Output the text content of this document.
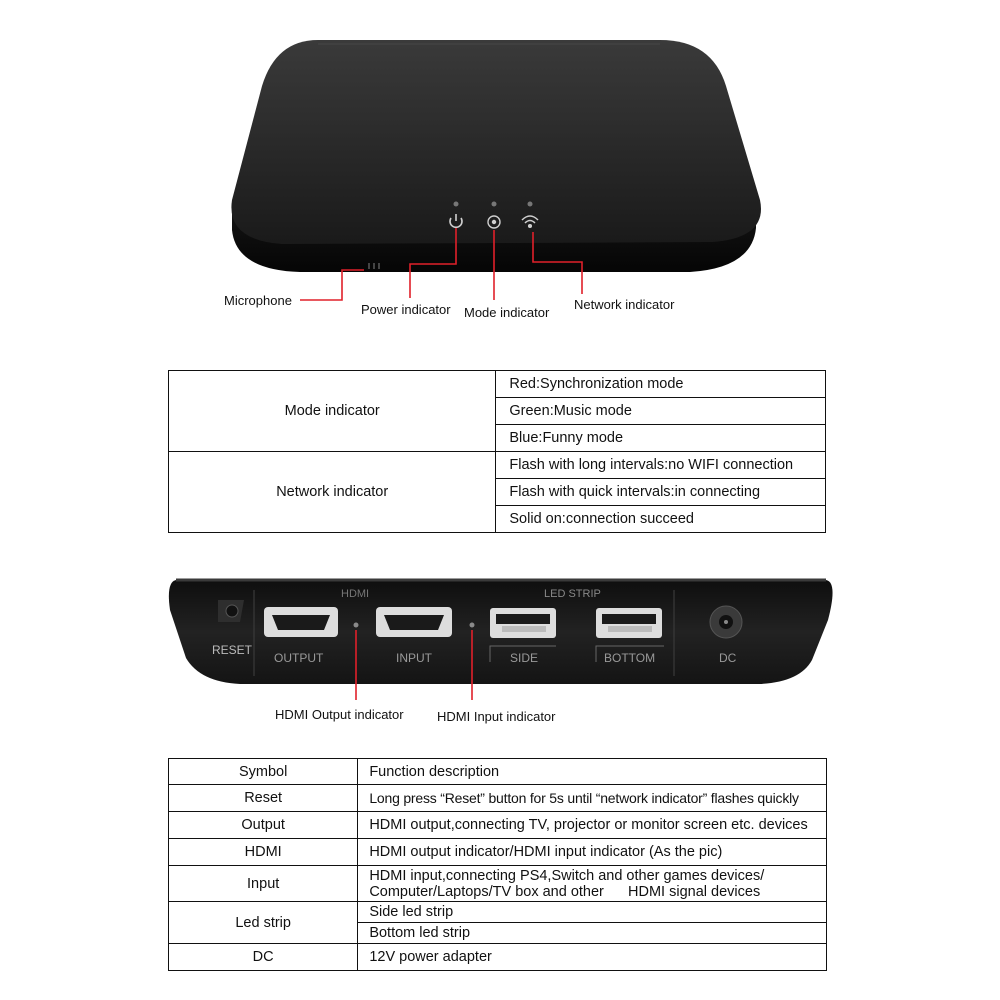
Microphone
Power indicator Mode indicator
Network indicator
Mode indicator	Red:Synchronization mode
	Green:Music mode
	Blue:Funny mode
Network indicator	Flash with long intervals:no WIFI connection
	Flash with quick intervals:in connecting
	Solid on:connection succeed
RESET
HDMI
OUTPUT	INPUT
LED STRIP
SIDE	BOTTOM	DC
HDMI Output indicator	HDMI Input indicator
Symbol	Function description
Reset	Long press “Reset” button for 5s until “network indicator” flashes quickly
Output	HDMI output,connecting TV, projector or monitor screen etc. devices
HDMI	HDMI output indicator/HDMI input indicator (As the pic)
Input	HDMI input,connecting PS4,Switch and other games devices/
Computer/Laptops/TV box and other      HDMI signal devices

Led strip	Side led strip
	Bottom led strip
DC	12V power adapter
